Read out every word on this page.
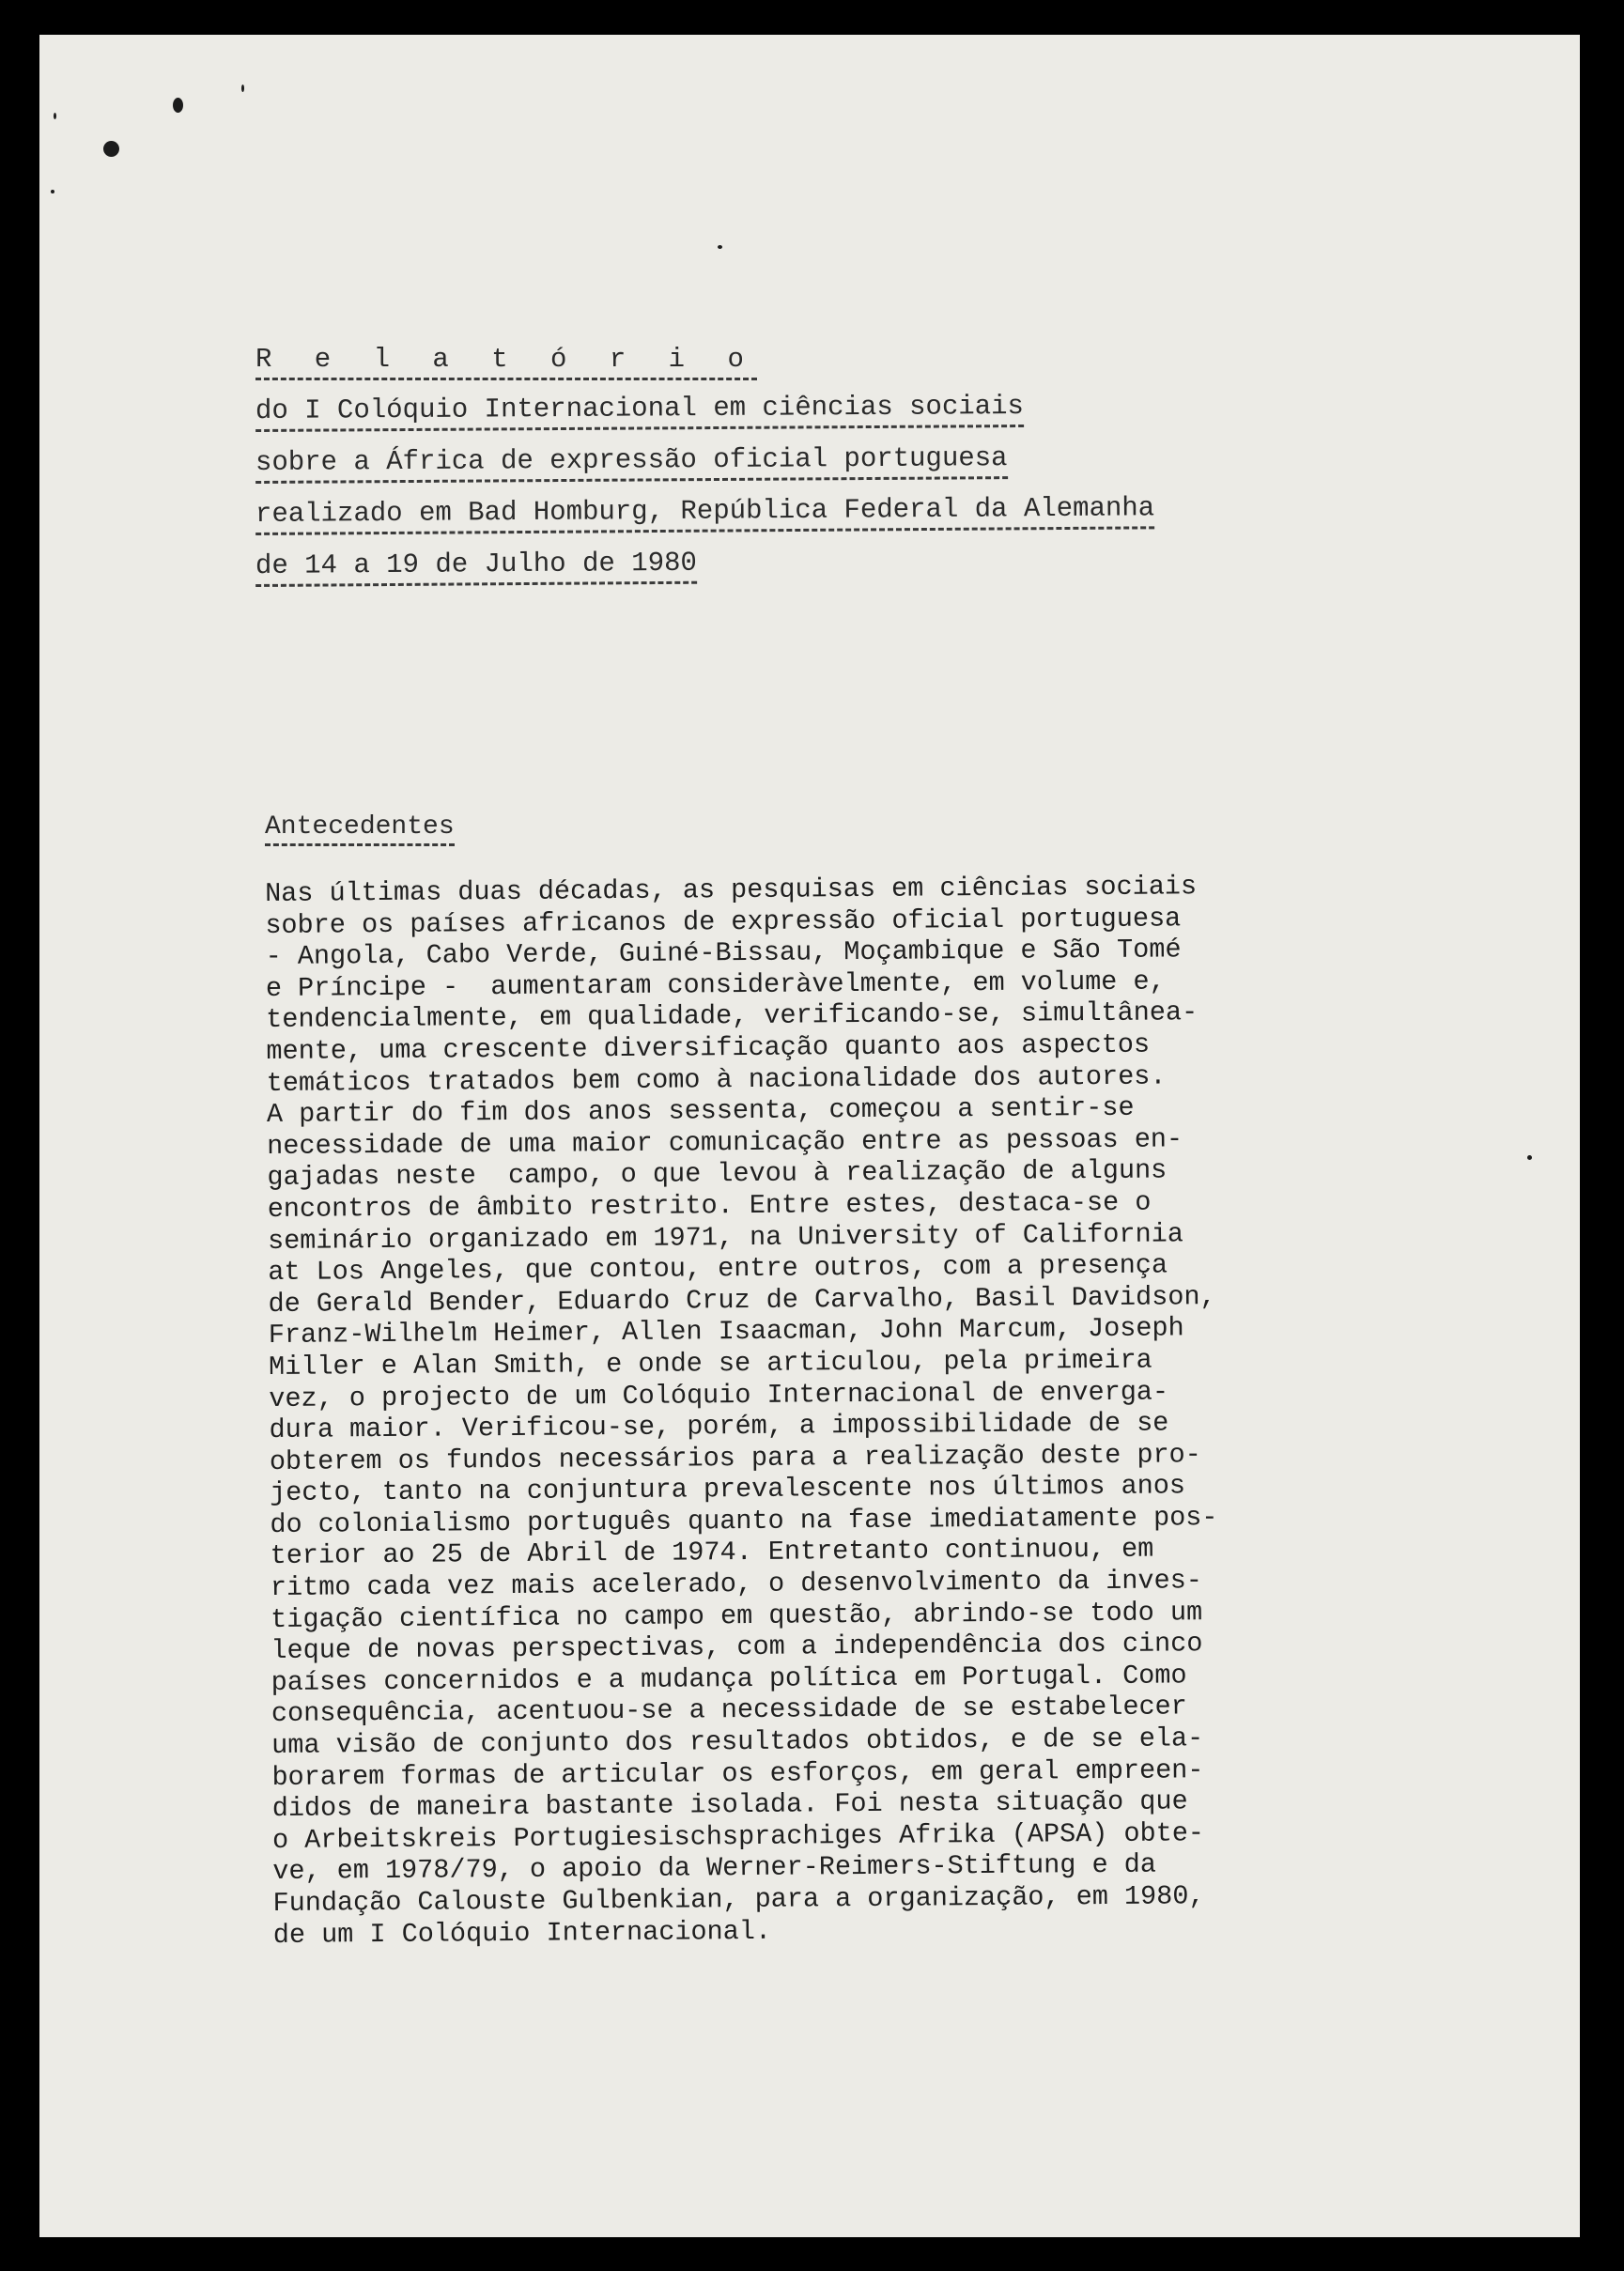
R e l a t ó r i o
do I Colóquio Internacional em ciências sociais
sobre a África de expressão oficial portuguesa
realizado em Bad Homburg, República Federal da Alemanha
de 14 a 19 de Julho de 1980
Antecedentes
Nas últimas duas décadas, as pesquisas em ciências sociais
sobre os países africanos de expressão oficial portuguesa
- Angola, Cabo Verde, Guiné-Bissau, Moçambique e São Tomé
e Príncipe -  aumentaram consideràvelmente, em volume e,
tendencialmente, em qualidade, verificando-se, simultânea-
mente, uma crescente diversificação quanto aos aspectos
temáticos tratados bem como à nacionalidade dos autores.
A partir do fim dos anos sessenta, começou a sentir-se
necessidade de uma maior comunicação entre as pessoas en-
gajadas neste  campo, o que levou à realização de alguns
encontros de âmbito restrito. Entre estes, destaca-se o
seminário organizado em 1971, na University of California
at Los Angeles, que contou, entre outros, com a presença
de Gerald Bender, Eduardo Cruz de Carvalho, Basil Davidson,
Franz-Wilhelm Heimer, Allen Isaacman, John Marcum, Joseph
Miller e Alan Smith, e onde se articulou, pela primeira
vez, o projecto de um Colóquio Internacional de enverga-
dura maior. Verificou-se, porém, a impossibilidade de se
obterem os fundos necessários para a realização deste pro-
jecto, tanto na conjuntura prevalescente nos últimos anos
do colonialismo português quanto na fase imediatamente pos-
terior ao 25 de Abril de 1974. Entretanto continuou, em
ritmo cada vez mais acelerado, o desenvolvimento da inves-
tigação científica no campo em questão, abrindo-se todo um
leque de novas perspectivas, com a independência dos cinco
países concernidos e a mudança política em Portugal. Como
consequência, acentuou-se a necessidade de se estabelecer
uma visão de conjunto dos resultados obtidos, e de se ela-
borarem formas de articular os esforços, em geral empreen-
didos de maneira bastante isolada. Foi nesta situação que
o Arbeitskreis Portugiesischsprachiges Afrika (APSA) obte-
ve, em 1978/79, o apoio da Werner-Reimers-Stiftung e da
Fundação Calouste Gulbenkian, para a organização, em 1980,
de um I Colóquio Internacional.
